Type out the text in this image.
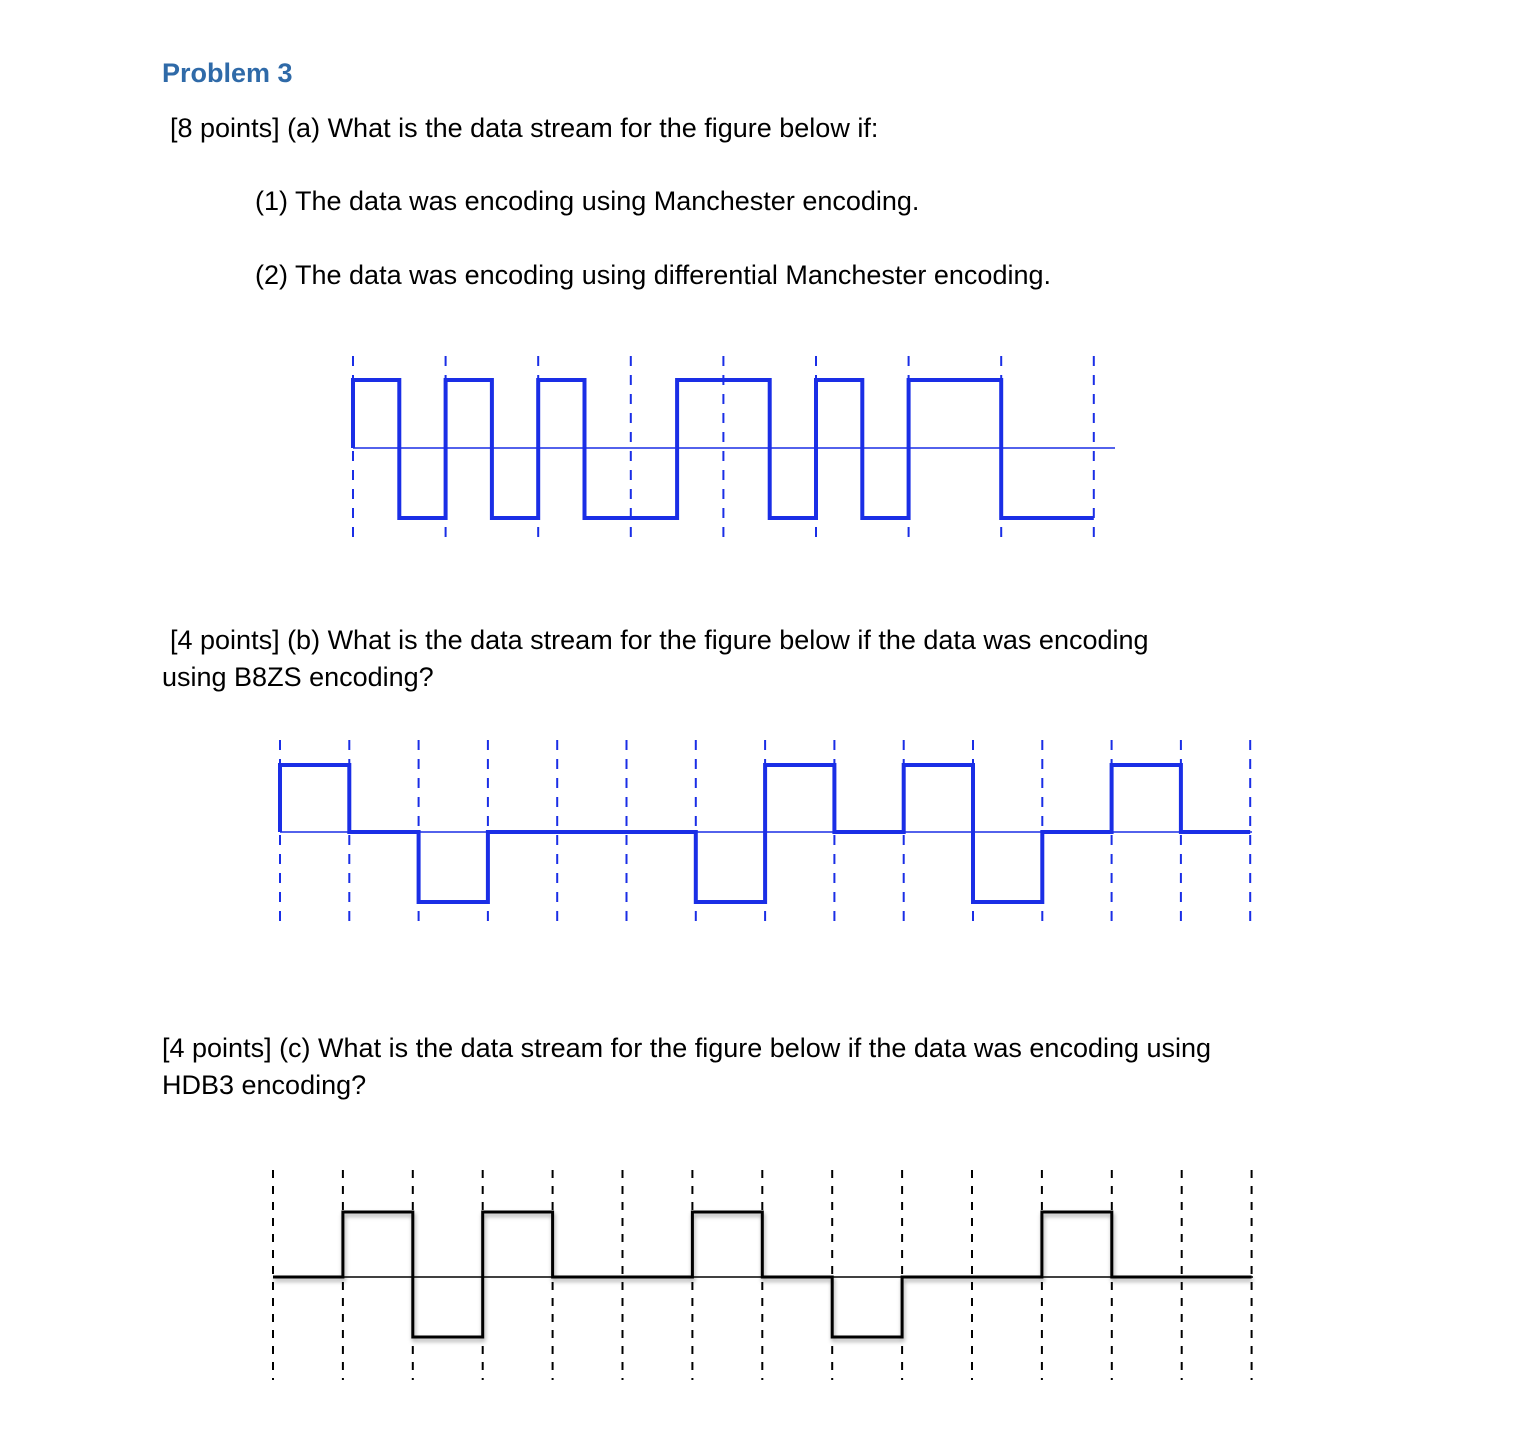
Problem 3
[8 points] (a) What is the data stream for the figure below if:
(1) The data was encoding using Manchester encoding.
(2) The data was encoding using differential Manchester encoding.
[4 points] (b) What is the data stream for the figure below if the data was encoding
using B8ZS encoding?
[4 points] (c) What is the data stream for the figure below if the data was encoding using
HDB3 encoding?
